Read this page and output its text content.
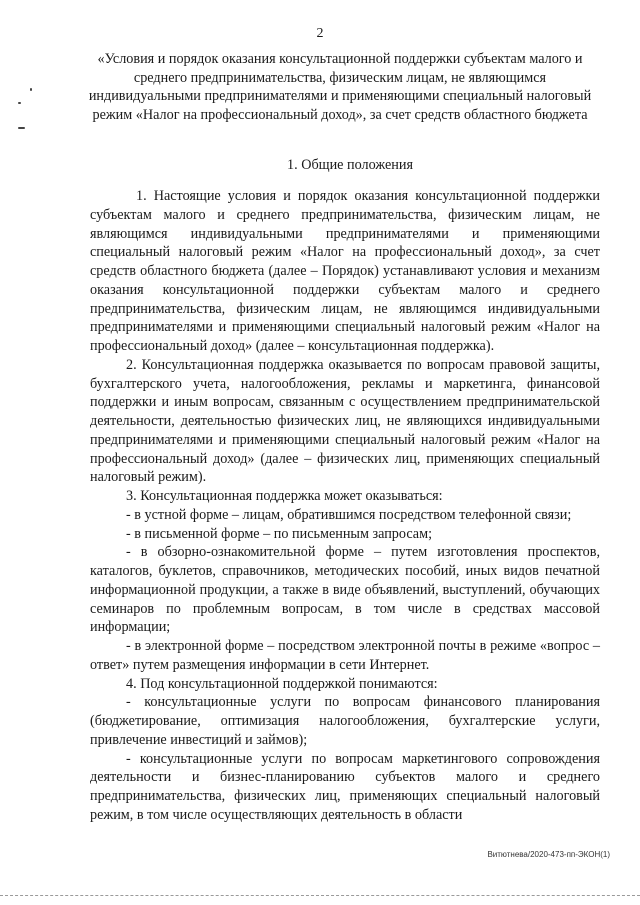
2
«Условия и порядок оказания консультационной поддержки субъектам малого и среднего предпринимательства, физическим лицам, не являющимся индивидуальными предпринимателями и применяющими специальный налоговый режим «Налог на профессиональный доход», за счет средств областного бюджета
1. Общие положения

1. Настоящие условия и порядок оказания консультационной поддержки субъектам малого и среднего предпринимательства, физическим лицам, не являющимся индивидуальными предпринимателями и применяющими специальный налоговый режим «Налог на профессиональный доход», за счет средств областного бюджета (далее – Порядок) устанавливают условия и механизм оказания консультационной поддержки субъектам малого и среднего предпринимательства, физическим лицам, не являющимся индивидуальными предпринимателями и применяющими специальный налоговый режим «Налог на профессиональный доход» (далее – консультационная поддержка).

2. Консультационная поддержка оказывается по вопросам правовой защиты, бухгалтерского учета, налогообложения, рекламы и маркетинга, финансовой поддержки и иным вопросам, связанным с осуществлением предпринимательской деятельности, деятельностью физических лиц, не являющихся индивидуальными предпринимателями и применяющими специальный налоговый режим «Налог на профессиональный доход» (далее – физических лиц, применяющих специальный налоговый режим).

3. Консультационная поддержка может оказываться:

- в устной форме – лицам, обратившимся посредством телефонной связи;

- в письменной форме – по письменным запросам;

- в обзорно-ознакомительной форме – путем изготовления проспектов, каталогов, буклетов, справочников, методических пособий, иных видов печатной информационной продукции, а также в виде объявлений, выступлений, обучающих семинаров по проблемным вопросам, в том числе в средствах массовой информации;

- в электронной форме – посредством электронной почты в режиме «вопрос – ответ» путем размещения информации в сети Интернет.

4. Под консультационной поддержкой понимаются:

- консультационные услуги по вопросам финансового планирования (бюджетирование, оптимизация налогообложения, бухгалтерские услуги, привлечение инвестиций и займов);

- консультационные услуги по вопросам маркетингового сопровождения деятельности и бизнес-планированию субъектов малого и среднего предпринимательства, физических лиц, применяющих специальный налоговый режим, в том числе осуществляющих деятельность в области

Витютнева/2020-473-пп-ЭКОН(1)
